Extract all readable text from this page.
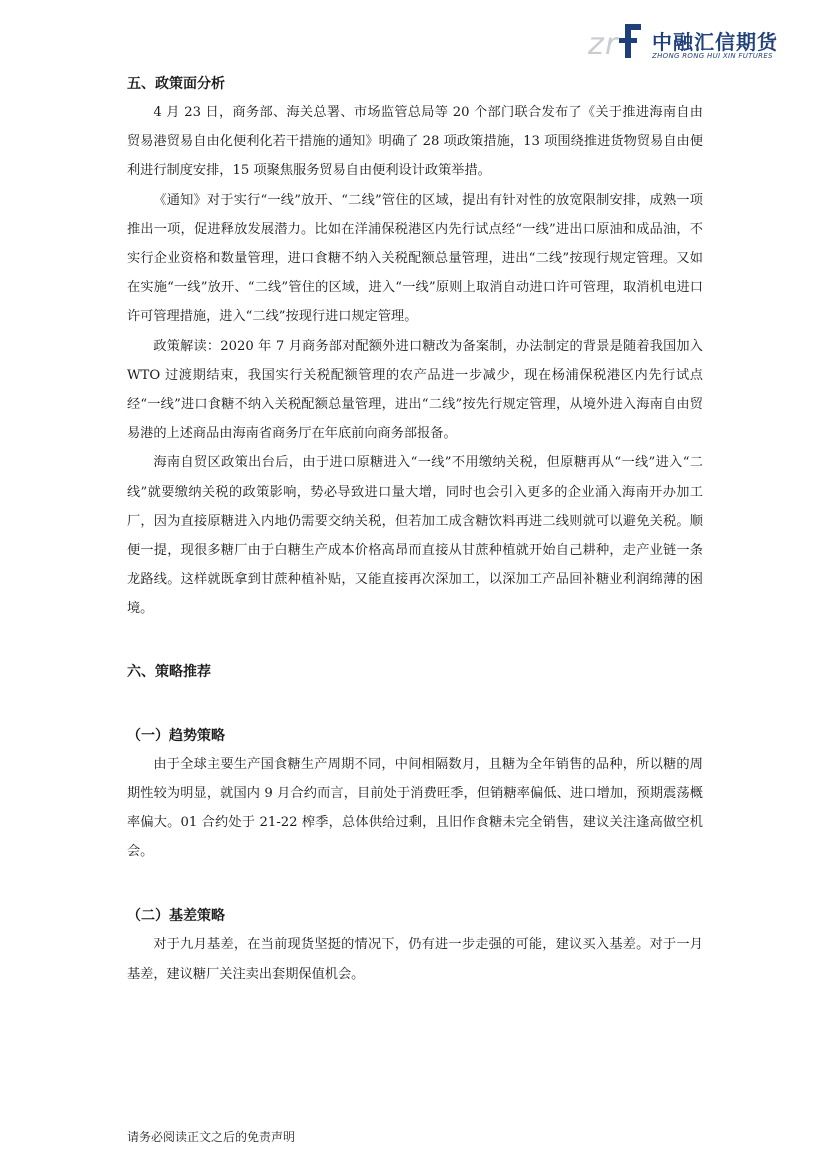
z r 中融汇信期货
ZHONG RONG HUI XIN FUTURES
五、政策面分析

4 月 23 日，商务部、海关总署、市场监管总局等 20 个部门联合发布了《关于推进海南自由贸易港贸易自由化便利化若干措施的通知》明确了 28 项政策措施，13 项围绕推进货物贸易自由便利进行制度安排，15 项聚焦服务贸易自由便利设计政策举措。

《通知》对于实行“一线”放开、“二线”管住的区域，提出有针对性的放宽限制安排，成熟一项推出一项，促进释放发展潜力。比如在洋浦保税港区内先行试点经“一线”进出口原油和成品油，不实行企业资格和数量管理，进口食糖不纳入关税配额总量管理，进出“二线”按现行规定管理。又如在实施“一线”放开、“二线”管住的区域，进入“一线”原则上取消自动进口许可管理，取消机电进口许可管理措施，进入“二线”按现行进口规定管理。

政策解读：2020 年 7 月商务部对配额外进口糖改为备案制，办法制定的背景是随着我国加入 WTO 过渡期结束，我国实行关税配额管理的农产品进一步减少，现在杨浦保税港区内先行试点经“一线”进口食糖不纳入关税配额总量管理，进出“二线”按先行规定管理，从境外进入海南自由贸易港的上述商品由海南省商务厅在年底前向商务部报备。

海南自贸区政策出台后，由于进口原糖进入“一线”不用缴纳关税，但原糖再从“一线”进入“二线”就要缴纳关税的政策影响，势必导致进口量大增，同时也会引入更多的企业涌入海南开办加工厂，因为直接原糖进入内地仍需要交纳关税，但若加工成含糖饮料再进二线则就可以避免关税。顺便一提，现很多糖厂由于白糖生产成本价格高昂而直接从甘蔗种植就开始自己耕种，走产业链一条龙路线。这样就既拿到甘蔗种植补贴，又能直接再次深加工，以深加工产品回补糖业利润绵薄的困境。

六、策略推荐
（一）趋势策略

由于全球主要生产国食糖生产周期不同，中间相隔数月，且糖为全年销售的品种，所以糖的周期性较为明显，就国内 9 月合约而言，目前处于消费旺季，但销糖率偏低、进口增加，预期震荡概率偏大。01 合约处于 21-22 榨季，总体供给过剩，且旧作食糖未完全销售，建议关注逢高做空机会。

（二）基差策略

对于九月基差，在当前现货坚挺的情况下，仍有进一步走强的可能，建议买入基差。对于一月基差，建议糖厂关注卖出套期保值机会。

请务必阅读正文之后的免责声明
